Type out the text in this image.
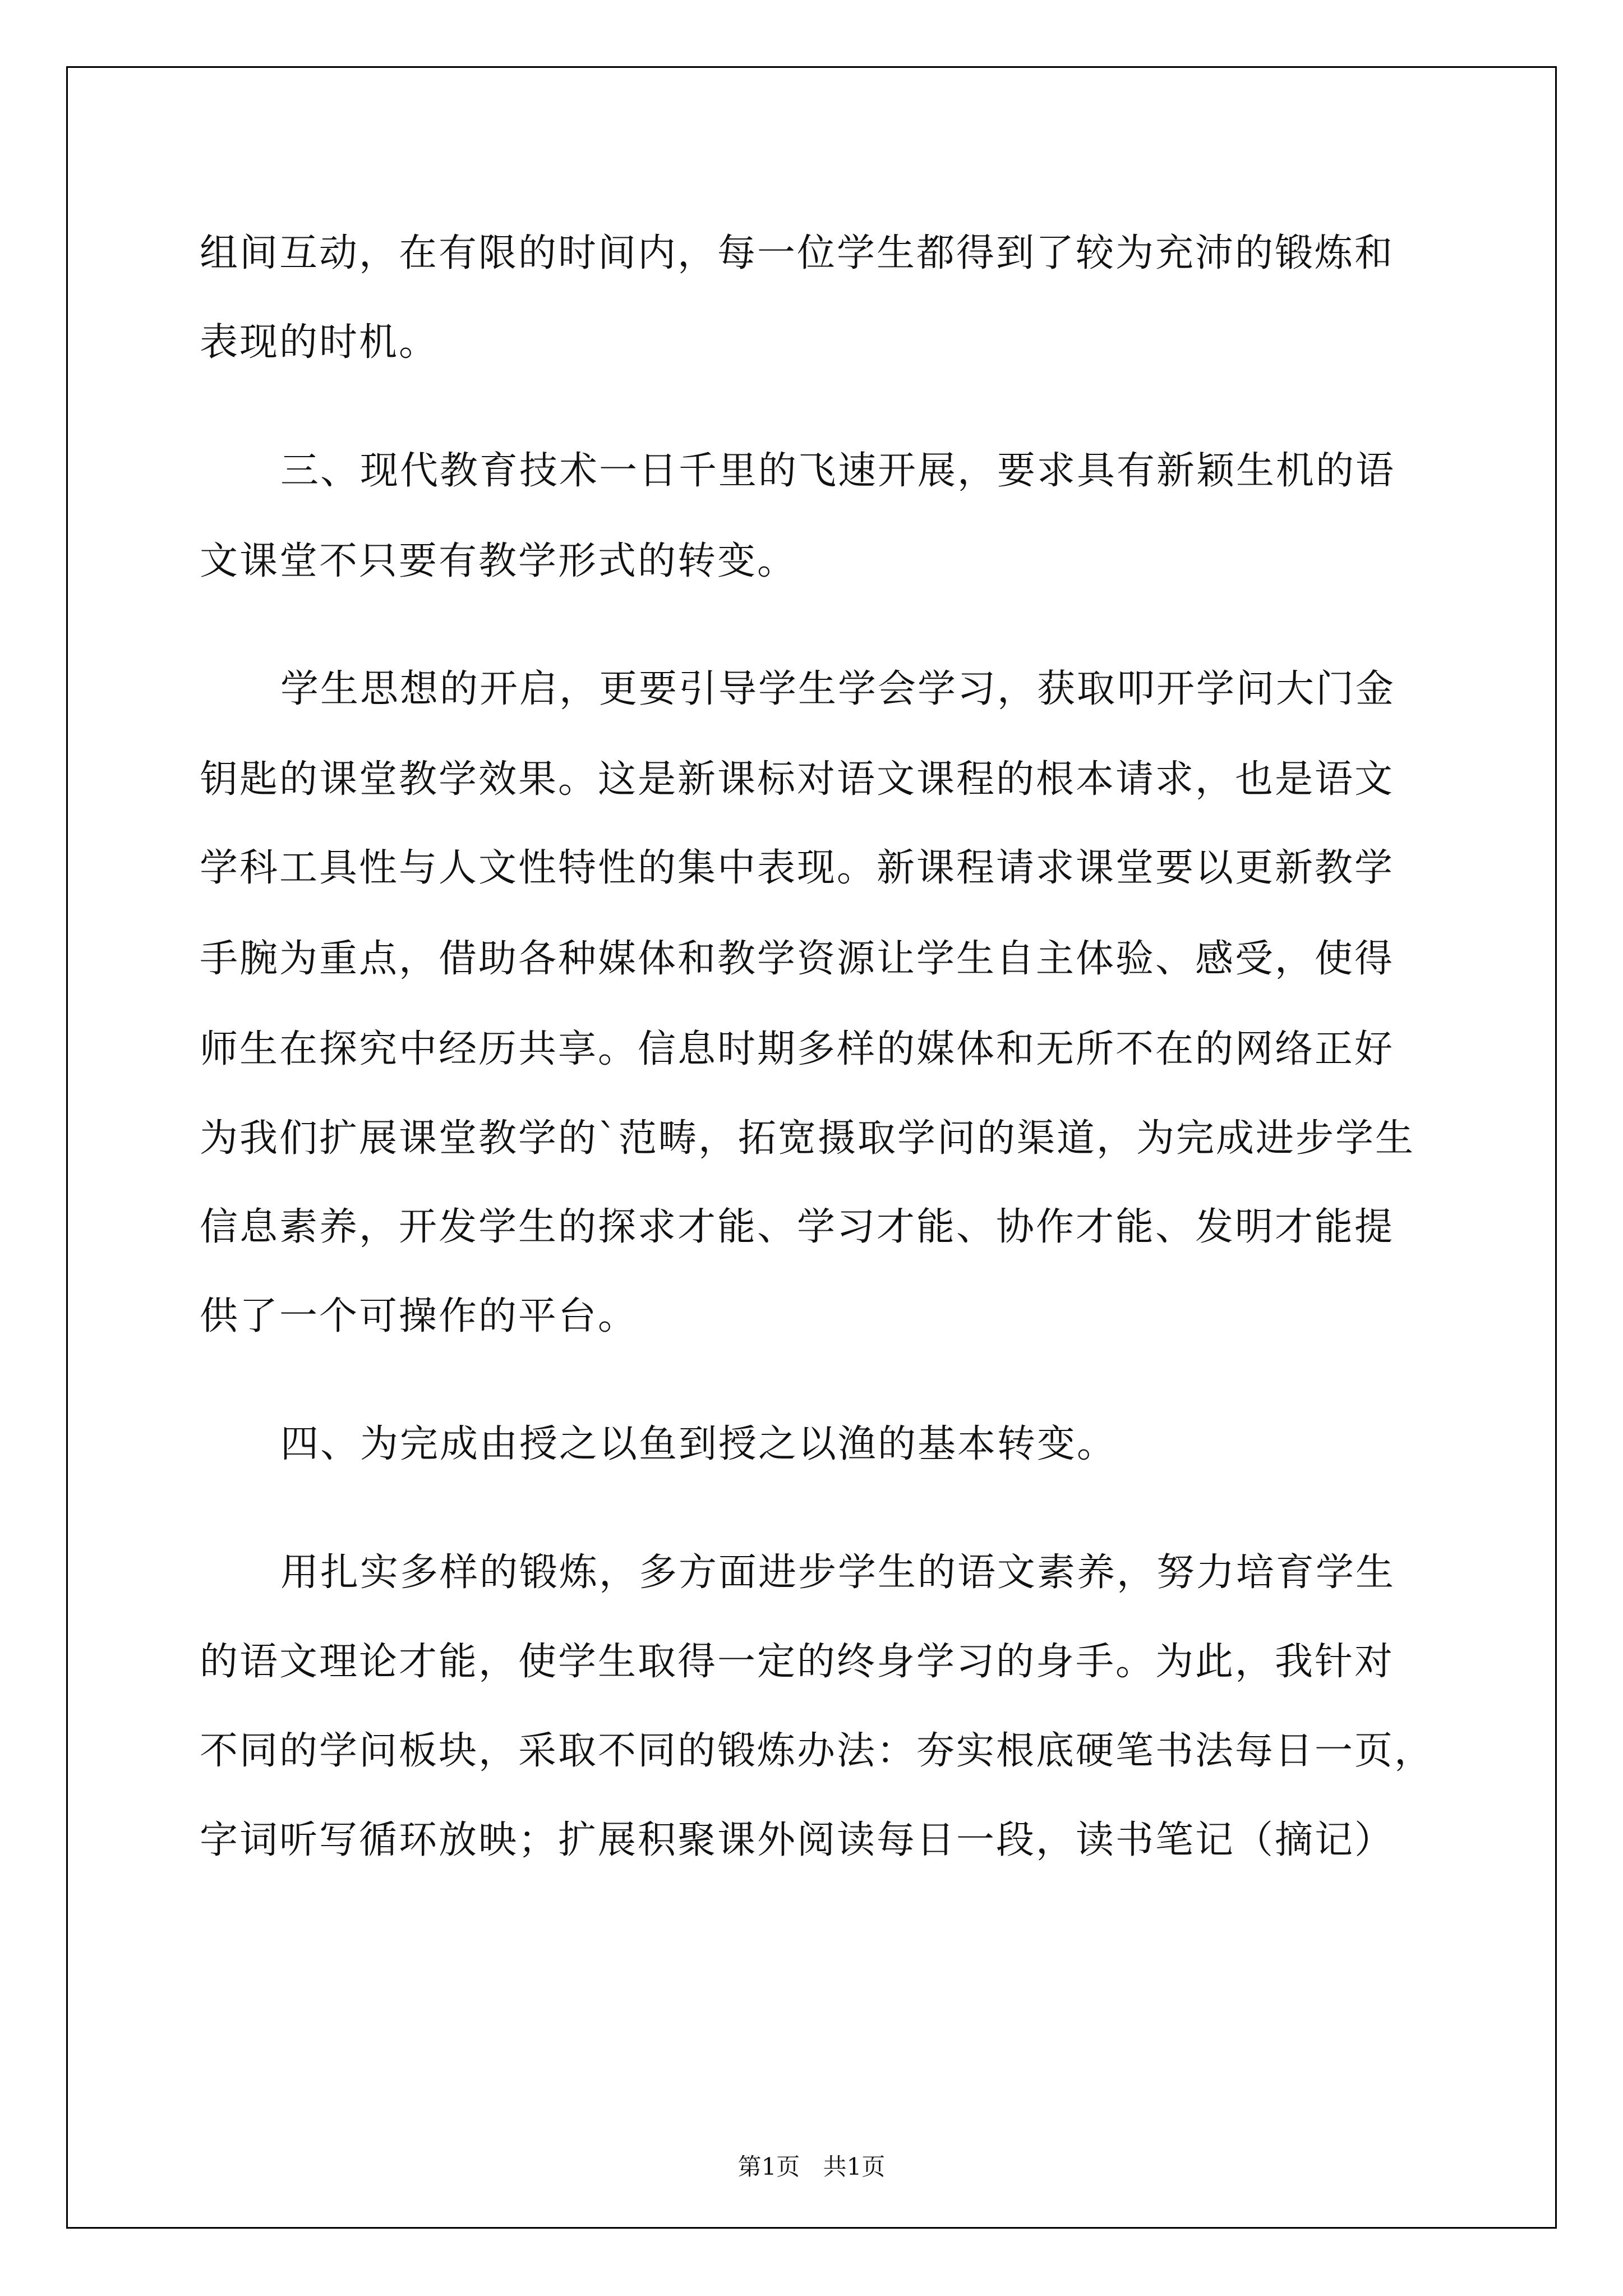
组间互动，在有限的时间内，每一位学生都得到了较为充沛的锻炼和
表现的时机。
三、现代教育技术一日千里的飞速开展，要求具有新颖生机的语
文课堂不只要有教学形式的转变。
学生思想的开启，更要引导学生学会学习，获取叩开学问大门金
钥匙的课堂教学效果。这是新课标对语文课程的根本请求，也是语文
学科工具性与人文性特性的集中表现。新课程请求课堂要以更新教学
手腕为重点，借助各种媒体和教学资源让学生自主体验、感受，使得
师生在探究中经历共享。信息时期多样的媒体和无所不在的网络正好
为我们扩展课堂教学的`范畴，拓宽摄取学问的渠道，为完成进步学生
信息素养，开发学生的探求才能、学习才能、协作才能、发明才能提
供了一个可操作的平台。
四、为完成由授之以鱼到授之以渔的基本转变。
用扎实多样的锻炼，多方面进步学生的语文素养，努力培育学生
的语文理论才能，使学生取得一定的终身学习的身手。为此，我针对
不同的学问板块，采取不同的锻炼办法：夯实根底硬笔书法每日一页，
字词听写循环放映；扩展积聚课外阅读每日一段，读书笔记（摘记）
第1页 共1页
